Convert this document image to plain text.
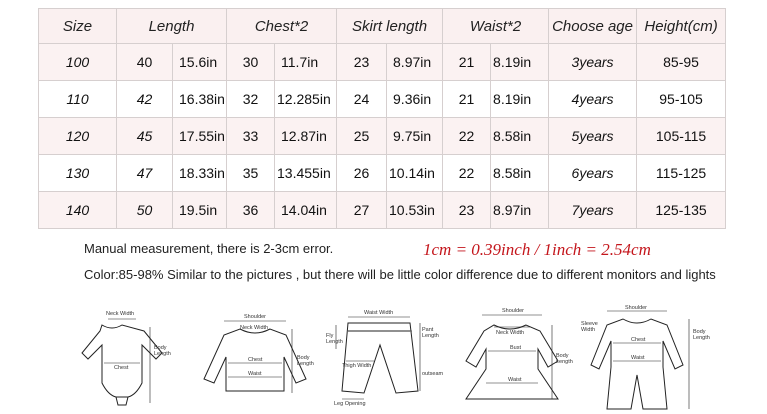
Size	Length		Chest*2		Skirt length		Waist*2		Choose age	Height(cm)
100	40	15.6in	30	11.7in	23	8.97in	21	8.19in	3years	85-95
110	42	16.38in	32	12.285in	24	9.36in	21	8.19in	4years	95-105
120	45	17.55in	33	12.87in	25	9.75in	22	8.58in	5years	105-115
130	47	18.33in	35	13.455in	26	10.14in	22	8.58in	6years	115-125
140	50	19.5in	36	14.04in	27	10.53in	23	8.97in	7years	125-135
Manual measurement, there is 2-3cm error.	1cm = 0.39inch / 1inch = 2.54cm
Color:85-98% Similar to the pictures , but there will be little color difference due to different monitors and lights
Neck Width
Chest
Body
Length
Shoulder
Neck Width
Chest
Waist
Body
Length
Waist Width
Fly
Length
Pant
Length
Thigh Width
Leg Opening
outseam
Shoulder
Neck Width
Bust
Waist
Body
Length
Shoulder
Sleeve
Width
Chest
Waist
Body
Length
